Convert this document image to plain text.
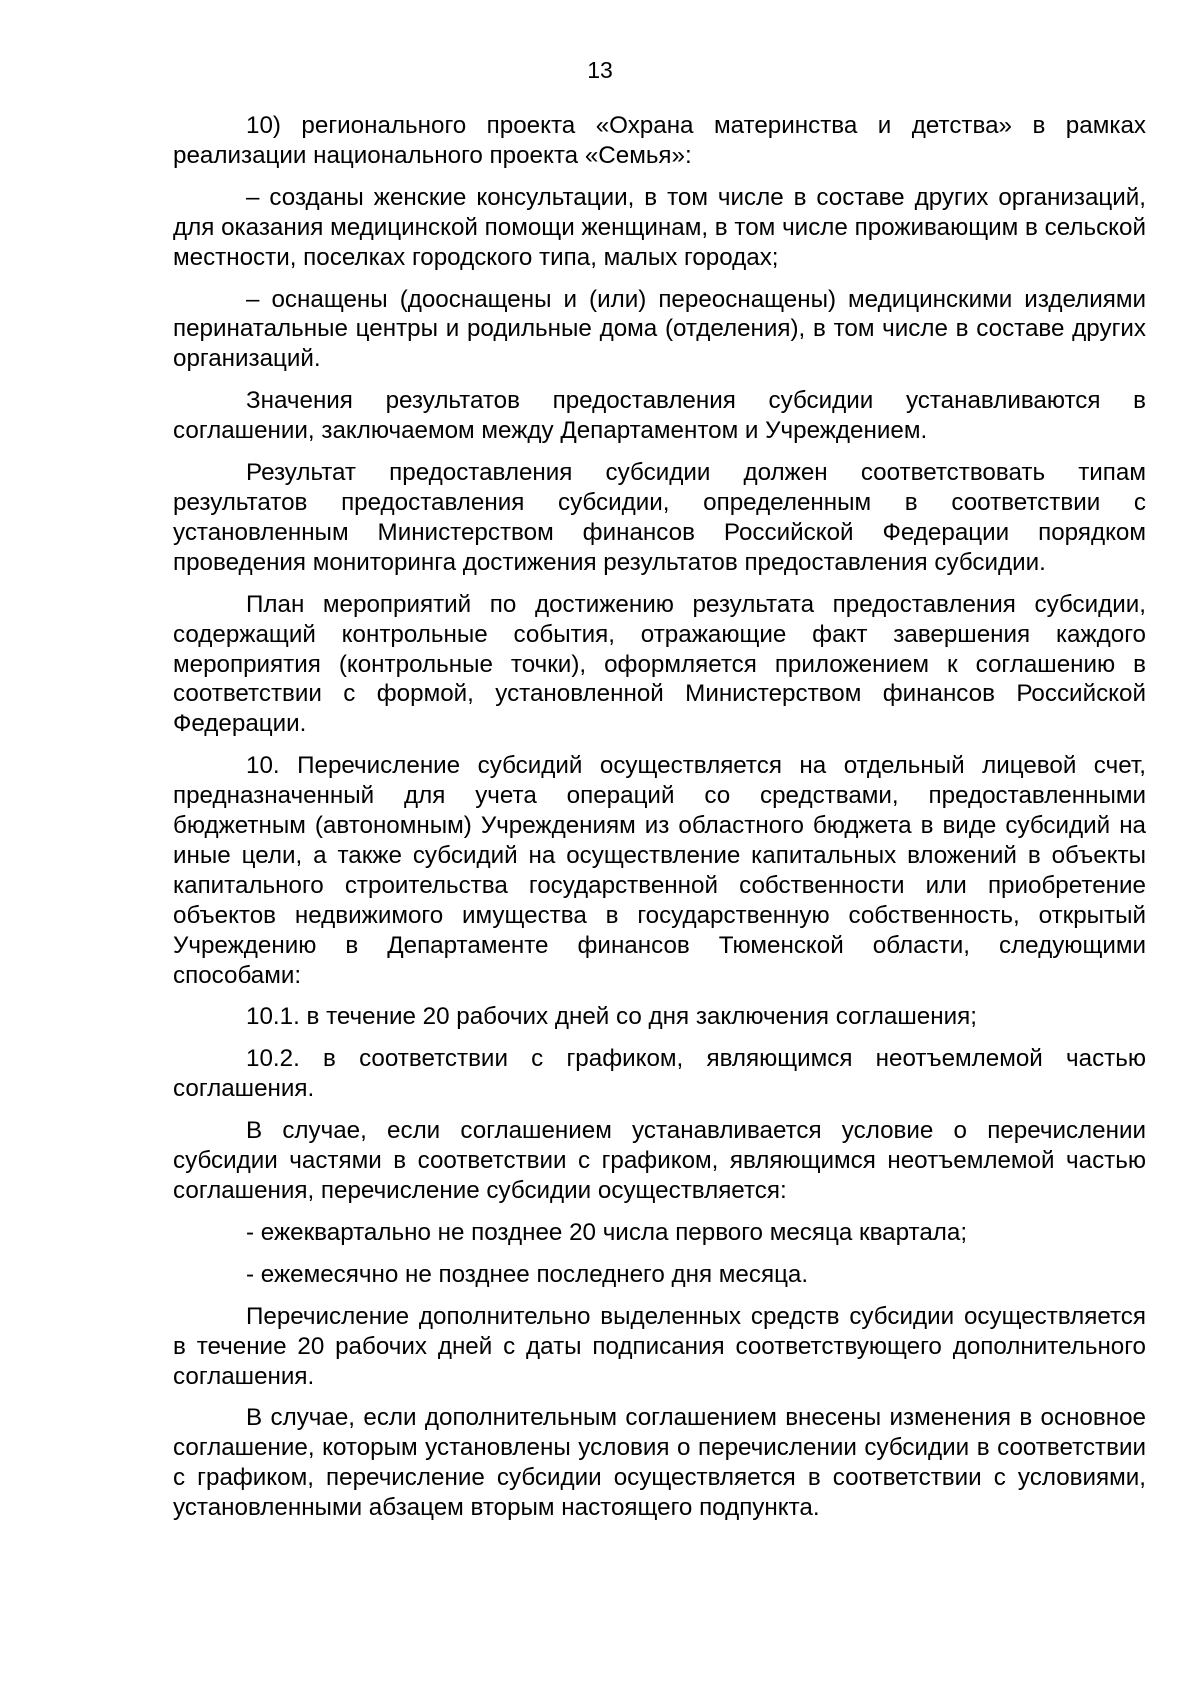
13

10) регионального проекта «Охрана материнства и детства» в рамках реализации национального проекта «Семья»:

– созданы женские консультации, в том числе в составе других организаций, для оказания медицинской помощи женщинам, в том числе проживающим в сельской местности, поселках городского типа, малых городах;

– оснащены (дооснащены и (или) переоснащены) медицинскими изделиями перинатальные центры и родильные дома (отделения), в том числе в составе других организаций.

Значения результатов предоставления субсидии устанавливаются в соглашении, заключаемом между Департаментом и Учреждением.

Результат предоставления субсидии должен соответствовать типам результатов предоставления субсидии, определенным в соответствии с установленным Министерством финансов Российской Федерации порядком проведения мониторинга достижения результатов предоставления субсидии.

План мероприятий по достижению результата предоставления субсидии, содержащий контрольные события, отражающие факт завершения каждого мероприятия (контрольные точки), оформляется приложением к соглашению в соответствии с формой, установленной Министерством финансов Российской Федерации.

10. Перечисление субсидий осуществляется на отдельный лицевой счет, предназначенный для учета операций со средствами, предоставленными бюджетным (автономным) Учреждениям из областного бюджета в виде субсидий на иные цели, а также субсидий на осуществление капитальных вложений в объекты капитального строительства государственной собственности или приобретение объектов недвижимого имущества в государственную собственность, открытый Учреждению в Департаменте финансов Тюменской области, следующими способами:

10.1. в течение 20 рабочих дней со дня заключения соглашения;

10.2. в соответствии с графиком, являющимся неотъемлемой частью соглашения.

В случае, если соглашением устанавливается условие о перечислении субсидии частями в соответствии с графиком, являющимся неотъемлемой частью соглашения, перечисление субсидии осуществляется:

- ежеквартально не позднее 20 числа первого месяца квартала;

- ежемесячно не позднее последнего дня месяца.

Перечисление дополнительно выделенных средств субсидии осуществляется в течение 20 рабочих дней с даты подписания соответствующего дополнительного соглашения.

В случае, если дополнительным соглашением внесены изменения в основное соглашение, которым установлены условия о перечислении субсидии в соответствии с графиком, перечисление субсидии осуществляется в соответствии с условиями, установленными абзацем вторым настоящего подпункта.
